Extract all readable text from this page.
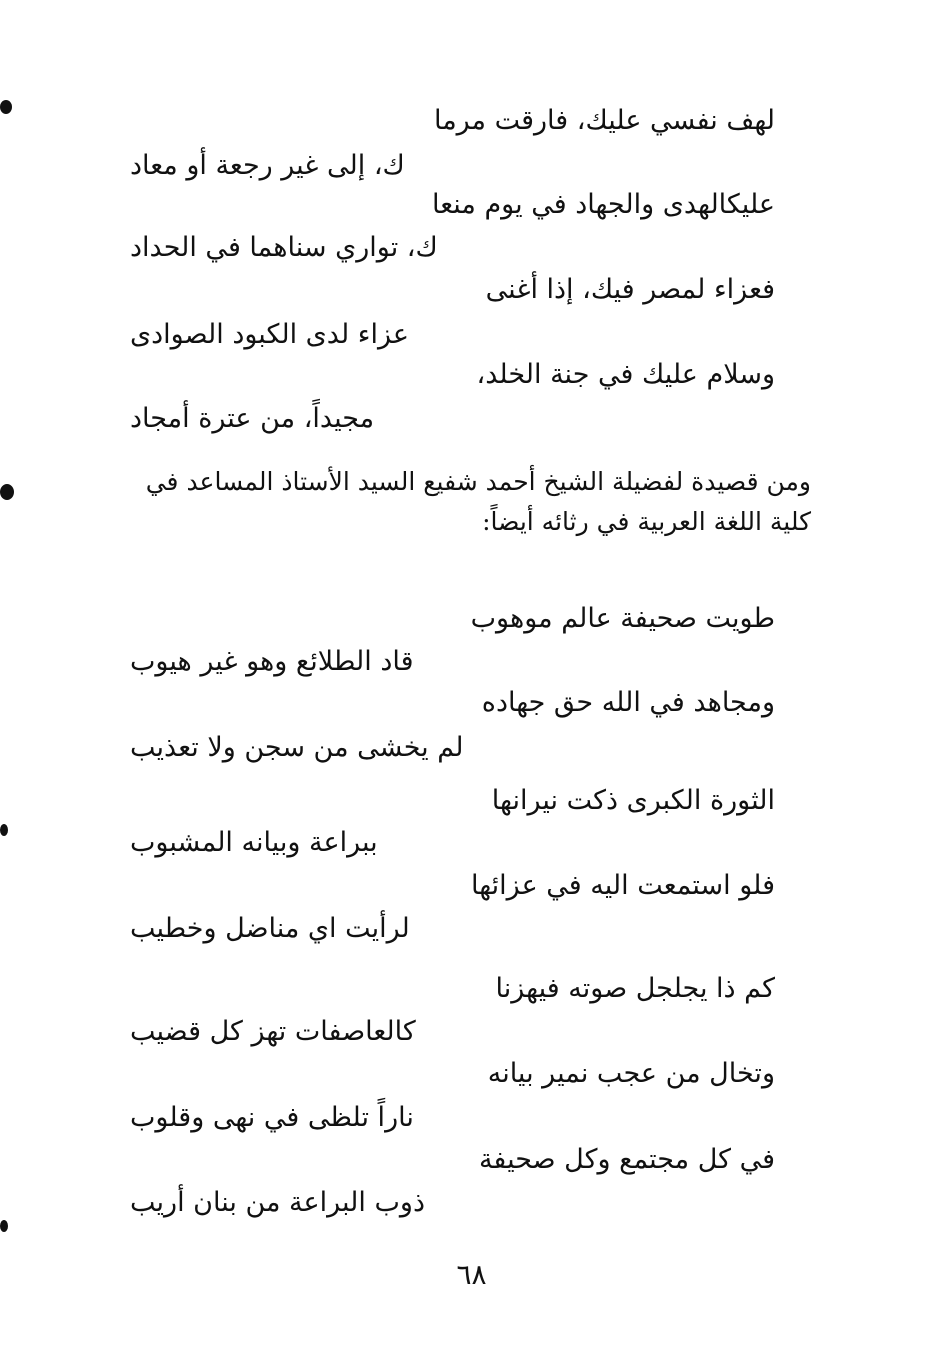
لهف نفسي عليك، فارقت مرما
ك، إلى غير رجعة أو معاد
عليكالهدى والجهاد في يوم منعا
ك، تواري سناهما في الحداد
فعزاء لمصر فيك، إذا أغنى
عزاء لدى الكبود الصوادى
وسلام عليك في جنة الخلد،
مجيداً، من عترة أمجاد
ومن قصيدة لفضيلة الشيخ أحمد شفيع السيد الأستاذ المساعد في كلية اللغة العربية في رثائه أيضاً:
طويت صحيفة عالم موهوب
قاد الطلائع وهو غير هيوب
ومجاهد في الله حق جهاده
لم يخشى من سجن ولا تعذيب
الثورة الكبرى ذكت نيرانها
ببراعة وبيانه المشبوب
فلو استمعت اليه في عزائها
لرأيت اي مناضل وخطيب
كم ذا يجلجل صوته فيهزنا
كالعاصفات تهز كل قضيب
وتخال من عجب نمير بيانه
ناراً تلظى في نهى وقلوب
في كل مجتمع وكل صحيفة
ذوب البراعة من بنان أريب
٦٨
